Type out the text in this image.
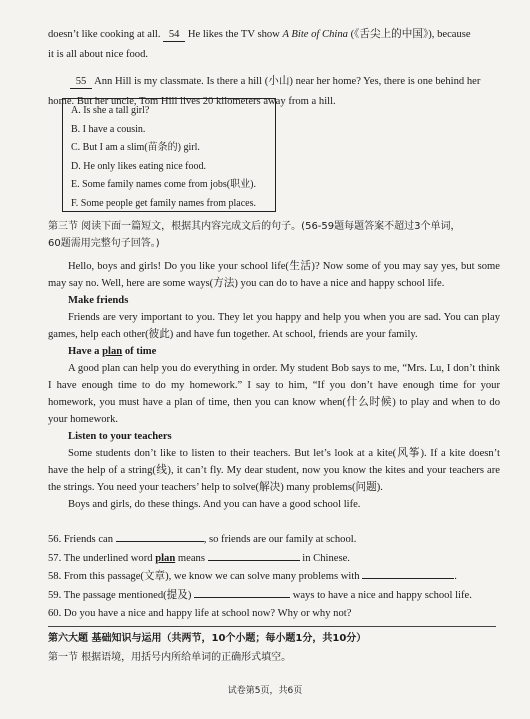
doesn’t like cooking at all. 54 He likes the TV show A Bite of China (《舌尖上的中国》), because

it is all about nice food.

55 Ann Hill is my classmate. Is there a hill (小山) near her home? Yes, there is one behind her

home. But her uncle, Tom Hill lives 20 kilometers away from a hill.

A. Is she a tall girl?
B. I have a cousin.
C. But I am a slim(苗条的) girl.
D. He only likes eating nice food.
E. Some family names come from jobs(职业).
F. Some people get family names from places.

第三节 阅读下面一篇短文，根据其内容完成文后的句子。(56-59题每题答案不超过3个单词，

60题需用完整句子回答。)

Hello, boys and girls! Do you like your school life(生活)? Now some of you may say yes, but some may say no. Well, here are some ways(方法) you can do to have a nice and happy school life.

Make friends

Friends are very important to you. They let you happy and help you when you are sad. You can play games, help each other(彼此) and have fun together. At school, friends are your family.

Have a plan of time

A good plan can help you do everything in order. My student Bob says to me, “Mrs. Lu, I don’t think I have enough time to do my homework.” I say to him, “If you don’t have enough time for your homework, you must have a plan of time, then you can know when(什么时候) to play and when to do your homework.

Listen to your teachers

Some students don’t like to listen to their teachers. But let’s look at a kite(风筝). If a kite doesn’t have the help of a string(线), it can’t fly. My dear student, now you know the kites and your teachers are the strings. You need your teachers’ help to solve(解决) many problems(问题).

Boys and girls, do these things. And you can have a good school life.

56. Friends can	, so friends are our family at school.

57. The underlined word plan means	in Chinese.

58. From this passage(文章), we know we can solve many problems with	.

59. The passage mentioned(提及)	ways to have a nice and happy school life.

60. Do you have a nice and happy life at school now? Why or why not?

第六大题 基础知识与运用（共两节，10个小题；每小题1分，共10分）

第一节 根据语境，用括号内所给单词的正确形式填空。

试卷第5页，共6页
